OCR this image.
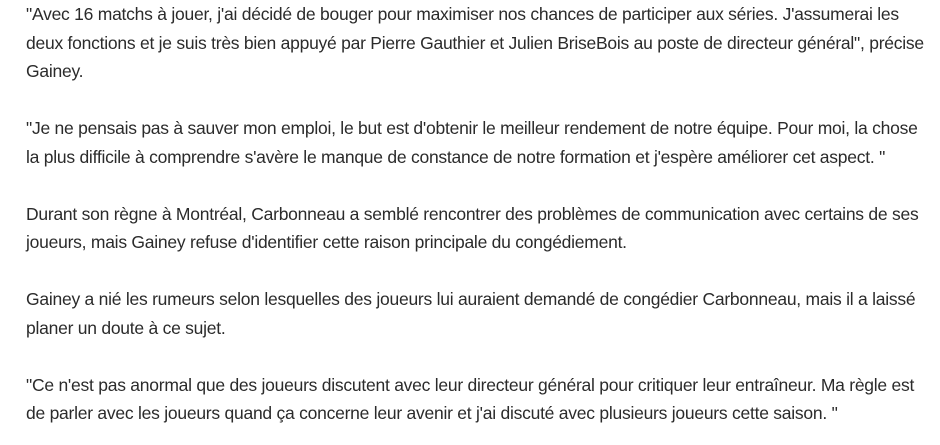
"Avec 16 matchs à jouer, j'ai décidé de bouger pour maximiser nos chances de participer aux séries. J'assumerai les deux fonctions et je suis très bien appuyé par Pierre Gauthier et Julien BriseBois au poste de directeur général", précise Gainey.

"Je ne pensais pas à sauver mon emploi, le but est d'obtenir le meilleur rendement de notre équipe. Pour moi, la chose la plus difficile à comprendre s'avère le manque de constance de notre formation et j'espère améliorer cet aspect. "

Durant son règne à Montréal, Carbonneau a semblé rencontrer des problèmes de communication avec certains de ses joueurs, mais Gainey refuse d'identifier cette raison principale du congédiement.

Gainey a nié les rumeurs selon lesquelles des joueurs lui auraient demandé de congédier Carbonneau, mais il a laissé planer un doute à ce sujet.

"Ce n'est pas anormal que des joueurs discutent avec leur directeur général pour critiquer leur entraîneur. Ma règle est de parler avec les joueurs quand ça concerne leur avenir et j'ai discuté avec plusieurs joueurs cette saison. "
